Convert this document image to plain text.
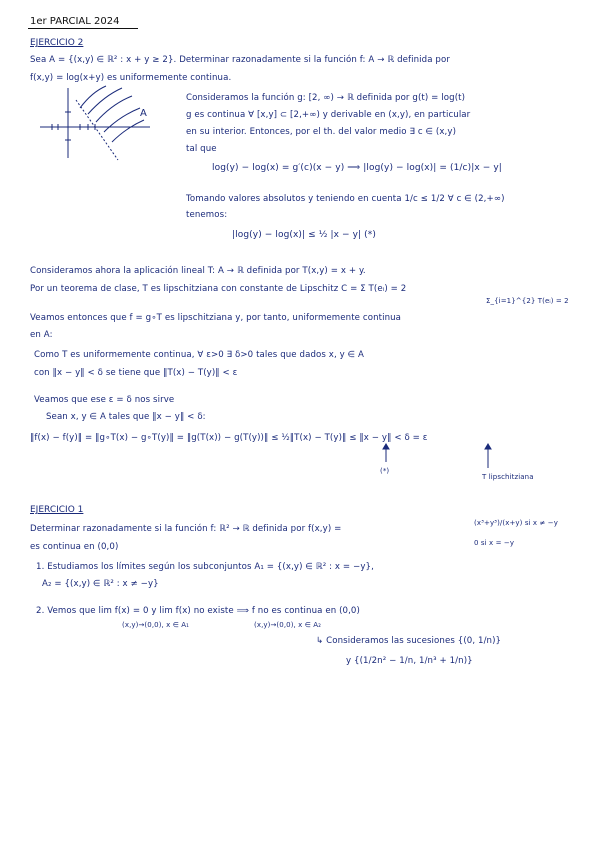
1er PARCIAL 2024
EJERCICIO 2
Sea A = {(x,y) ∈ ℝ² : x + y ≥ 2}. Determinar razonadamente si la función f: A → ℝ definida por
f(x,y) = log(x+y) es uniformemente continua.
A
Consideramos la función g: [2, ∞) → ℝ definida por g(t) = log(t)
g es continua ∀ [x,y] ⊂ [2,+∞) y derivable en (x,y), en particular
en su interior. Entonces, por el th. del valor medio ∃ c ∈ (x,y)
tal que
log(y) − log(x) = g′(c)(x − y) ⟹ |log(y) − log(x)| = (1/c)|x − y|
Tomando valores absolutos y teniendo en cuenta 1/c ≤ 1/2 ∀ c ∈ (2,+∞)
tenemos:
|log(y) − log(x)| ≤ ½ |x − y| (*)
Consideramos ahora la aplicación lineal T: A → ℝ definida por T(x,y) = x + y.
Por un teorema de clase, T es lipschitziana con constante de Lipschitz C = Σ T(eᵢ) = 2
Σ_{i=1}^{2} T(eᵢ) = 2
Veamos entonces que f = g∘T es lipschitziana y, por tanto, uniformemente continua
en A:
Como T es uniformemente continua, ∀ ε>0 ∃ δ>0 tales que dados x, y ∈ A
con ‖x − y‖ < δ se tiene que ‖T(x) − T(y)‖ < ε
Veamos que ese ε = δ nos sirve
Sean x, y ∈ A tales que ‖x − y‖ < δ:
‖f(x) − f(y)‖ = ‖g∘T(x) − g∘T(y)‖ = ‖g(T(x)) − g(T(y))‖ ≤ ½‖T(x) − T(y)‖ ≤ ‖x − y‖ < δ = ε
(*)
T lipschitziana
EJERCICIO 1
Determinar razonadamente si la función f: ℝ² → ℝ definida por f(x,y) =
(x³+y³)/(x+y) si x ≠ −y
0 si x = −y
es continua en (0,0)
1. Estudiamos los límites según los subconjuntos A₁ = {(x,y) ∈ ℝ² : x = −y},
A₂ = {(x,y) ∈ ℝ² : x ≠ −y}
2. Vemos que lim f(x) = 0 y lim f(x) no existe ⟹ f no es continua en (0,0)
(x,y)→(0,0), x ∈ A₁	(x,y)→(0,0), x ∈ A₂
↳ Consideramos las sucesiones {(0, 1/n)}
y {(1/2n² − 1/n, 1/n³ + 1/n)}
